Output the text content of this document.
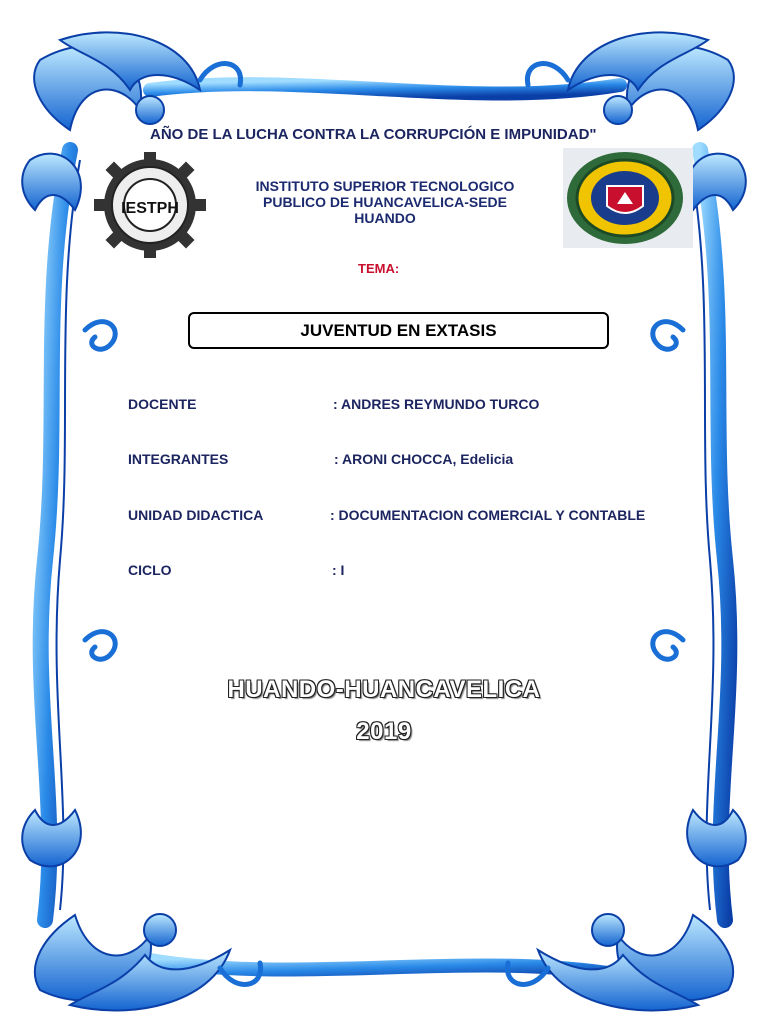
IESTPH
AÑO DE LA LUCHA CONTRA LA CORRUPCIÓN E IMPUNIDAD"
INSTITUTO SUPERIOR TECNOLOGICO
PUBLICO DE HUANCAVELICA-SEDE
HUANDO
TEMA:
JUVENTUD EN EXTASIS
DOCENTE	: ANDRES REYMUNDO TURCO
INTEGRANTES	: ARONI CHOCCA, Edelicia
UNIDAD DIDACTICA	: DOCUMENTACION COMERCIAL Y CONTABLE
CICLO	: I
HUANDO-HUANCAVELICA
2019
